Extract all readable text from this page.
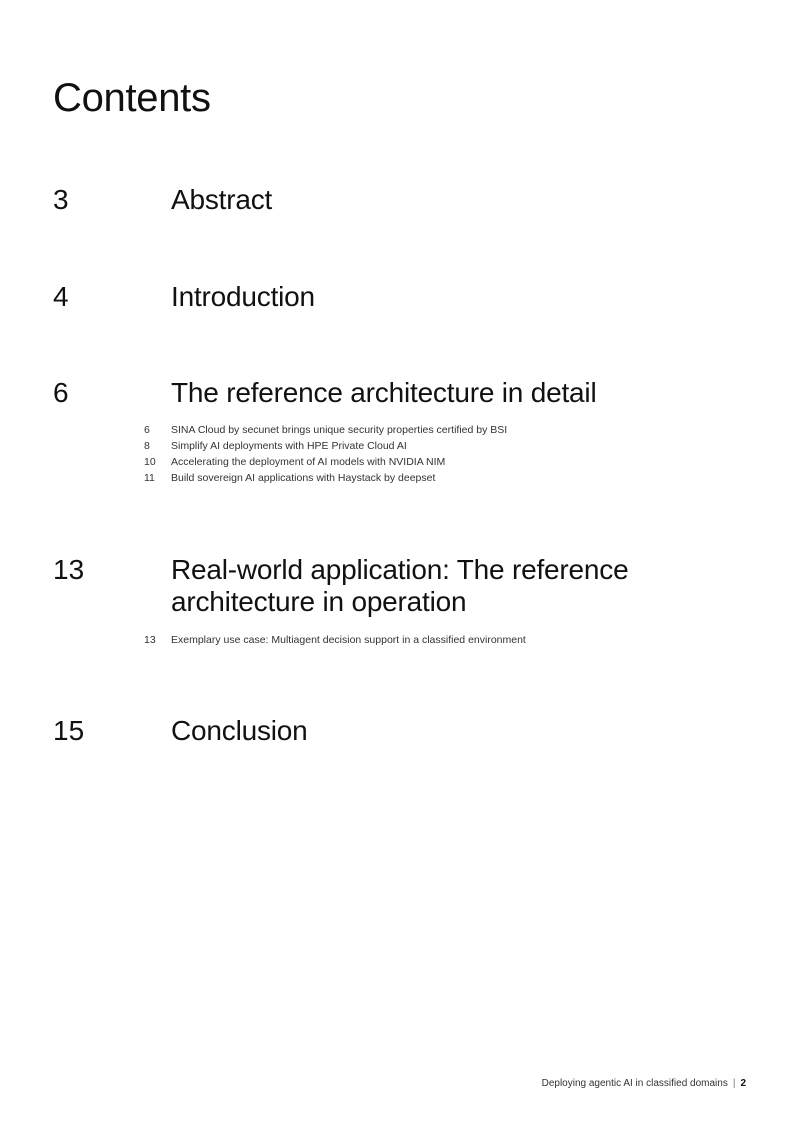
Contents
3	Abstract
4	Introduction
6	The reference architecture in detail
6 SINA Cloud by secunet brings unique security properties certified by BSI
8 Simplify AI deployments with HPE Private Cloud AI
10 Accelerating the deployment of AI models with NVIDIA NIM
11 Build sovereign AI applications with Haystack by deepset
13	Real-world application: The reference architecture in operation
13 Exemplary use case: Multiagent decision support in a classified environment
15	Conclusion
Deploying agentic AI in classified domains | 2
